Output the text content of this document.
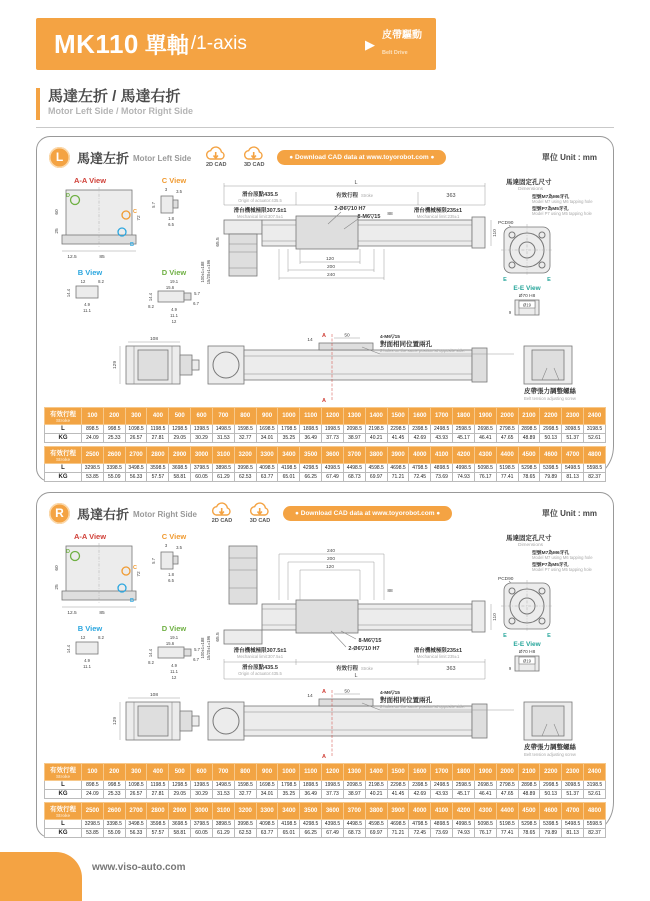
MK110 單軸 /1-axis	▶
皮帶驅動
Belt Drive
馬達左折 / 馬達右折
Motor Left Side / Motor Right Side
L	馬達左折 Motor Left Side
2D CAD	3D CAD
● Download CAD data at www.toyorobot.com ●	單位 Unit : mm
A-A View
D
C
B
60
25
72
12.5	85
C View
3 3.5
5.7
1.8
6.5
B View
12	8.2
14.4
4.9
11.1
D View
19.1
15.6
5.7
14.4
8.2
6.7
4.9
11.1
12
100±1=188 15/20±1=196
65.5
L
滑台原點435.5
Origin of actuator:435.5
有效行程 Stroke	363
滑台機械極限307.5±1
Mechanical limit:307.5±1
滑台機械極限235±1
Mechanical limit:235±1
2-Ø6▽10 H7
8-M6▽15 88
120
200
240
110
馬達固定孔尺寸
Dimensions
型號M7為M6牙孔
Model M7 using M6 tapping hole
型號P7為M5牙孔
Model P7 using M5 tapping hole
PCD90
E	E
E-E View
Ø70 H8
Ø19
9
108
129
14
50
A
A
4-M6▽15
對面相同位置兩孔
2 holes on the same position at opposite side.
皮帶張力調整螺絲
Belt tension adjusting screw
有效行程
Stroke	100	200	300	400	500	600	700	800	900	1000	1100	1200	1300	1400	1500	1600	1700	1800	1900	2000	2100	2200	2300	2400
L	898.5	998.5	1098.5	1198.5	1298.5	1398.5	1498.5	1598.5	1698.5	1798.5	1898.5	1998.5	2098.5	2198.5	2298.5	2398.5	2498.5	2598.5	2698.5	2798.5	2898.5	2998.5	3098.5	3198.5
KG	24.09	25.33	26.57	27.81	29.05	30.29	31.53	32.77	34.01	35.25	36.49	37.73	38.97	40.21	41.45	42.69	43.93	45.17	46.41	47.65	48.89	50.13	51.37	52.61
有效行程
Stroke	2500	2600	2700	2800	2900	3000	3100	3200	3300	3400	3500	3600	3700	3800	3900	4000	4100	4200	4300	4400	4500	4600	4700	4800
L	3298.5	3398.5	3498.5	3598.5	3698.5	3798.5	3898.5	3998.5	4098.5	4198.5	4298.5	4398.5	4498.5	4598.5	4698.5	4798.5	4898.5	4998.5	5098.5	5198.5	5298.5	5398.5	5498.5	5598.5
KG	53.85	55.09	56.33	57.57	58.81	60.05	61.29	62.53	63.77	65.01	66.25	67.49	68.73	69.97	71.21	72.45	73.69	74.93	76.17	77.41	78.65	79.89	81.13	82.37
R	馬達右折 Motor Right Side
2D CAD	3D CAD
● Download CAD data at www.toyorobot.com ●	單位 Unit : mm
A-A View
D
C
B
60
25
72
12.5	85
C View
3 3.5
5.7
1.8
6.5
B View
12	8.2
14.4
4.9
11.1
D View
19.1
15.6
5.7
14.4
8.2
6.7
4.9
11.1
12
100±1=188 15/20±1=196 65.5
240
200
120
88
8-M6▽15
2-Ø6▽10 H7
滑台機械極限307.5±1
Mechanical limit:307.5±1
滑台機械極限235±1
Mechanical limit:235±1
滑台原點435.5
Origin of actuator:435.5
有效行程 Stroke	363
L
110
馬達固定孔尺寸
Dimensions
型號M7為M6牙孔
Model M7 using M6 tapping hole
型號P7為M5牙孔
Model P7 using M5 tapping hole
PCD90
E	E
E-E View
Ø70 H8
Ø19
9
108
129
14
50
A
A
4-M6▽15
對面相同位置兩孔
2 holes on the same position at opposite side.
皮帶張力調整螺絲
Belt tension adjusting screw
有效行程
Stroke	100	200	300	400	500	600	700	800	900	1000	1100	1200	1300	1400	1500	1600	1700	1800	1900	2000	2100	2200	2300	2400
L	898.5	998.5	1098.5	1198.5	1298.5	1398.5	1498.5	1598.5	1698.5	1798.5	1898.5	1998.5	2098.5	2198.5	2298.5	2398.5	2498.5	2598.5	2698.5	2798.5	2898.5	2998.5	3098.5	3198.5
KG	24.09	25.33	26.57	27.81	29.05	30.29	31.53	32.77	34.01	35.25	36.49	37.73	38.97	40.21	41.45	42.69	43.93	45.17	46.41	47.65	48.89	50.13	51.37	52.61
有效行程
Stroke	2500	2600	2700	2800	2900	3000	3100	3200	3300	3400	3500	3600	3700	3800	3900	4000	4100	4200	4300	4400	4500	4600	4700	4800
L	3298.5	3398.5	3498.5	3598.5	3698.5	3798.5	3898.5	3998.5	4098.5	4198.5	4298.5	4398.5	4498.5	4598.5	4698.5	4798.5	4898.5	4998.5	5098.5	5198.5	5298.5	5398.5	5498.5	5598.5
KG	53.85	55.09	56.33	57.57	58.81	60.05	61.29	62.53	63.77	65.01	66.25	67.49	68.73	69.97	71.21	72.45	73.69	74.93	76.17	77.41	78.65	79.89	81.13	82.37
www.viso-auto.com
